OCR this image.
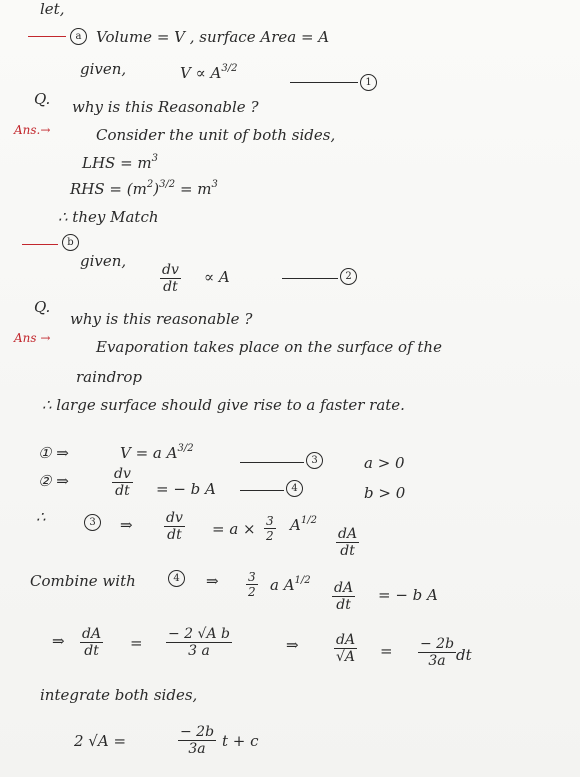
let,
a Volume = V , surface Area = A
given,	$V \propto A^{3/2}$
1
Q. why is this Reasonable ?
Ans.→	Consider the unit of both sides,
LHS = $m^3$
RHS = $(m^2)^{3/2} = m^3$
∴ they Match
b
given,
$\frac{dv}{dt} \propto A$	2
Q.
why is this reasonable ?
Ans →	Evaporation takes place on the surface of the
raindrop
∴ large surface should give rise to a faster rate.
① ⇒	V = a $A^{3/2}$
3	a > 0
② ⇒	$\frac{dv}{dt}$ = − b A	4	b > 0
∴	3	⇒ $\frac{dv}{dt} = a \times \frac{3}{2} A^{1/2}$
$\frac{dA}{dt}$
Combine with	4	⇒ $\frac{3}{2}$ a $A^{1/2} \frac{dA}{dt}$ = − b A
⇒ $\frac{dA}{dt} = \frac{\text{− 2 √A b}}{3 a}$	⇒	$\frac{dA}{√A} = \frac{- 2b}{3a}$ dt
integrate both sides,
2 √A =	$\frac{- 2b}{3a}$ t + c
